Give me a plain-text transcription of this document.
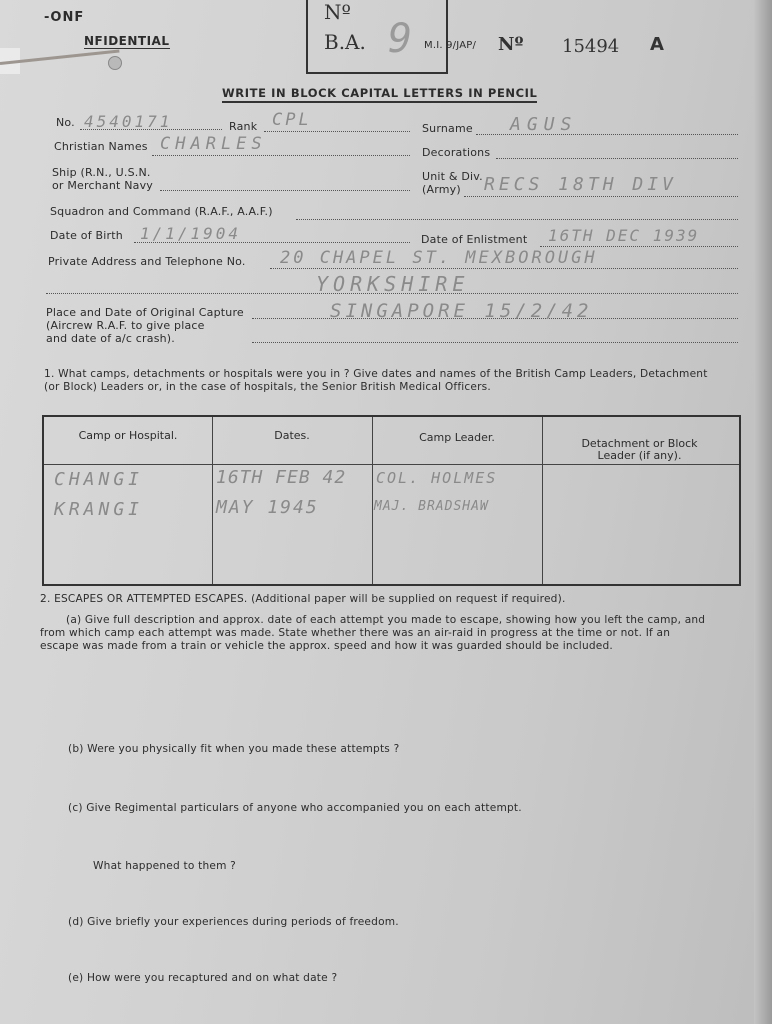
-ONF
NFIDENTIAL
Nº
B.A. 9 M.I. 9/JAP/ Nº 15494 A
WRITE IN BLOCK CAPITAL LETTERS IN PENCIL
No. 4540171	Rank CPL	Surname AGUS
Christian Names CHARLES	Decorations
Ship (R.N., U.S.N.
or Merchant Navy
Unit & Div.
(Army) RECS 18TH DIV
Squadron and Command (R.A.F., A.A.F.)
Date of Birth 1/1/1904	Date of Enlistment 16TH DEC 1939
Private Address and Telephone No. 20 CHAPEL ST. MEXBOROUGH
YORKSHIRE
Place and Date of Original Capture
(Aircrew R.A.F. to give place
and date of a/c crash).
SINGAPORE 15/2/42
1. What camps, detachments or hospitals were you in ? Give dates and names of the British Camp Leaders, Detachment
(or Block) Leaders or, in the case of hospitals, the Senior British Medical Officers.
Camp or Hospital.	Dates.	Camp Leader.	Detachment or Block
Leader (if any).
CHANGI	16TH FEB 42 COL. HOLMES
KRANGI	MAY 1945	MAJ. BRADSHAW
2. ESCAPES OR ATTEMPTED ESCAPES. (Additional paper will be supplied on request if required).
(a) Give full description and approx. date of each attempt you made to escape, showing how you left the camp, and
from which camp each attempt was made. State whether there was an air-raid in progress at the time or not. If an
escape was made from a train or vehicle the approx. speed and how it was guarded should be included.
(b) Were you physically fit when you made these attempts ?
(c) Give Regimental particulars of anyone who accompanied you on each attempt.
What happened to them ?
(d) Give briefly your experiences during periods of freedom.
(e) How were you recaptured and on what date ?
